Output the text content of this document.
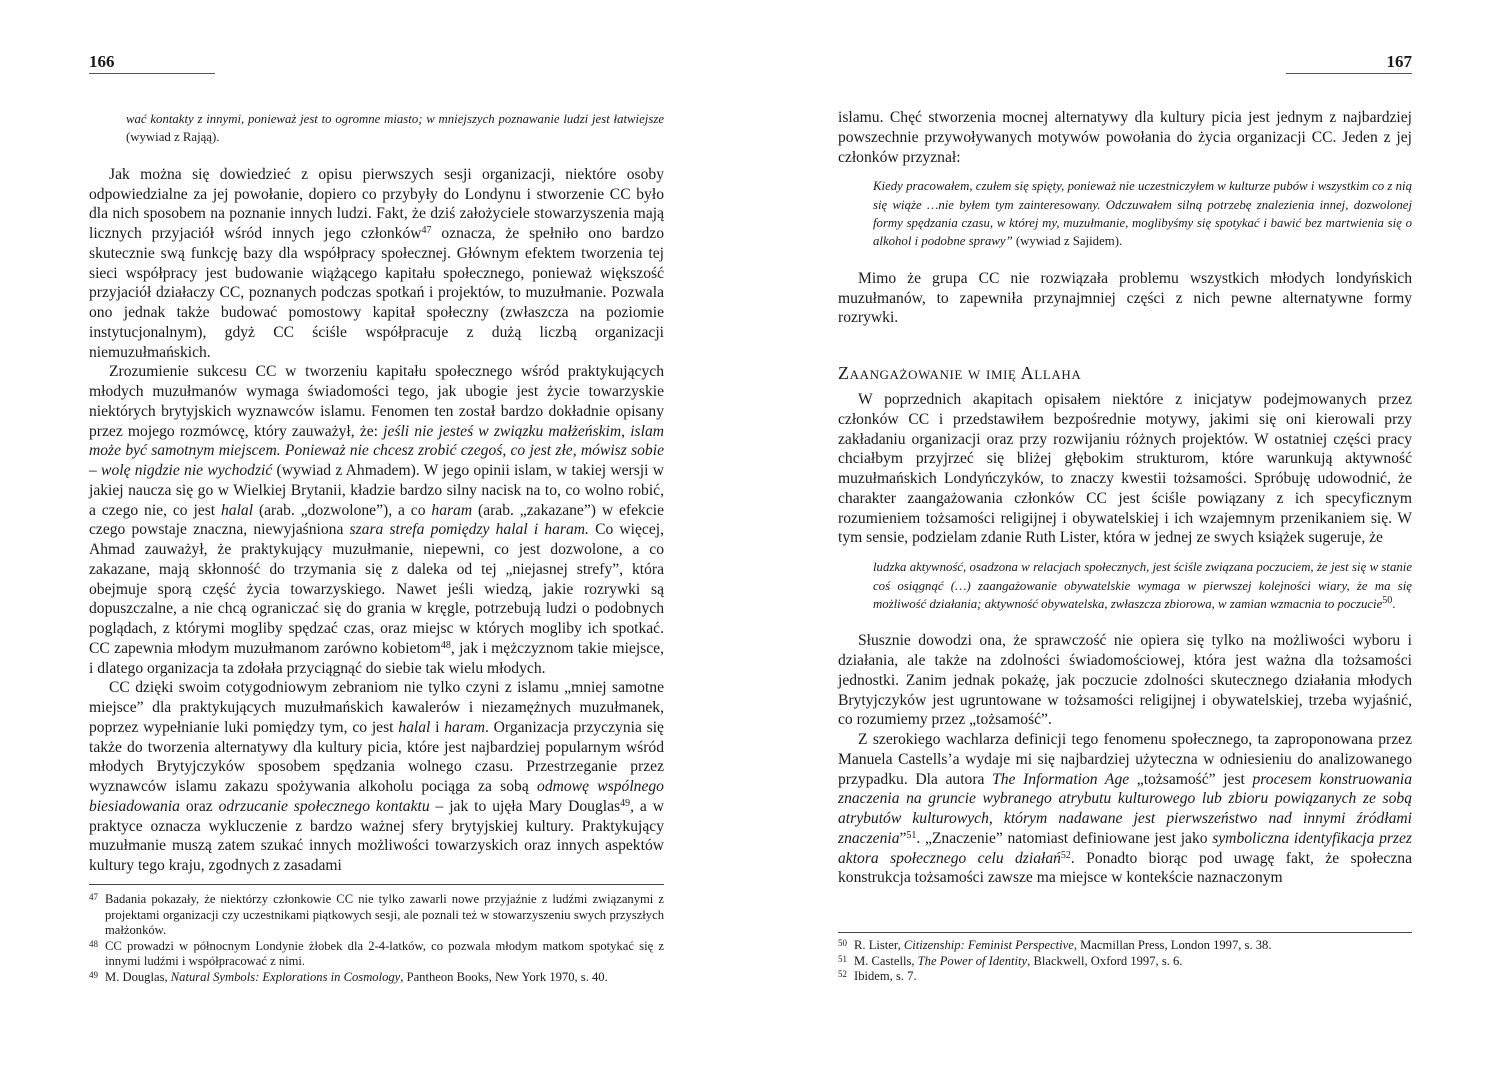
166
wać kontakty z innymi, ponieważ jest to ogromne miasto; w mniejszych poznawanie ludzi jest łatwiejsze (wywiad z Rająą).

Jak można się dowiedzieć z opisu pierwszych sesji organizacji, niektóre osoby odpowiedzialne za jej powołanie, dopiero co przybyły do Londynu i stworzenie CC było dla nich sposobem na poznanie innych ludzi. Fakt, że dziś założyciele stowarzyszenia mają licznych przyjaciół wśród innych jego członków$^{47}$ oznacza, że spełniło ono bardzo skutecznie swą funkcję bazy dla współpracy społecznej. Głównym efektem tworzenia tej sieci współpracy jest budowanie wiążącego kapitału społecznego, ponieważ większość przyjaciół działaczy CC, poznanych podczas spotkań i projektów, to muzułmanie. Pozwala ono jednak także budować pomostowy kapitał społeczny (zwłaszcza na poziomie instytucjonalnym), gdyż CC ściśle współpracuje z dużą liczbą organizacji niemuzułmańskich.

Zrozumienie sukcesu CC w tworzeniu kapitału społecznego wśród praktykujących młodych muzułmanów wymaga świadomości tego, jak ubogie jest życie towarzyskie niektórych brytyjskich wyznawców islamu. Fenomen ten został bardzo dokładnie opisany przez mojego rozmówcę, który zauważył, że: jeśli nie jesteś w związku małżeńskim, islam może być samotnym miejscem. Ponieważ nie chcesz zrobić czegoś, co jest złe, mówisz sobie – wolę nigdzie nie wychodzić (wywiad z Ahmadem). W jego opinii islam, w takiej wersji w jakiej naucza się go w Wielkiej Brytanii, kładzie bardzo silny nacisk na to, co wolno robić, a czego nie, co jest halal (arab. „dozwolone”), a co haram (arab. „zakazane”) w efekcie czego powstaje znaczna, niewyjaśniona szara strefa pomiędzy halal i haram. Co więcej, Ahmad zauważył, że praktykujący muzułmanie, niepewni, co jest dozwolone, a co zakazane, mają skłonność do trzymania się z daleka od tej „niejasnej strefy”, która obejmuje sporą część życia towarzyskiego. Nawet jeśli wiedzą, jakie rozrywki są dopuszczalne, a nie chcą ograniczać się do grania w kręgle, potrzebują ludzi o podobnych poglądach, z którymi mogliby spędzać czas, oraz miejsc w których mogliby ich spotkać. CC zapewnia młodym muzułmanom zarówno kobietom$^{48}$, jak i mężczyznom takie miejsce, i dlatego organizacja ta zdołała przyciągnąć do siebie tak wielu młodych.

CC dzięki swoim cotygodniowym zebraniom nie tylko czyni z islamu „mniej samotne miejsce” dla praktykujących muzułmańskich kawalerów i niezamężnych muzułmanek, poprzez wypełnianie luki pomiędzy tym, co jest halal i haram. Organizacja przyczynia się także do tworzenia alternatywy dla kultury picia, które jest najbardziej popularnym wśród młodych Brytyjczyków sposobem spędzania wolnego czasu. Przestrzeganie przez wyznawców islamu zakazu spożywania alkoholu pociąga za sobą odmowę wspólnego biesiadowania oraz odrzucanie społecznego kontaktu – jak to ujęła Mary Douglas$^{49}$, a w praktyce oznacza wykluczenie z bardzo ważnej sfery brytyjskiej kultury. Praktykujący muzułmanie muszą zatem szukać innych możliwości towarzyskich oraz innych aspektów kultury tego kraju, zgodnych z zasadami

47 Badania pokazały, że niektórzy członkowie CC nie tylko zawarli nowe przyjaźnie z ludźmi związanymi z projektami organizacji czy uczestnikami piątkowych sesji, ale poznali też w stowarzyszeniu swych przyszłych małżonków.
48 CC prowadzi w północnym Londynie żłobek dla 2-4-latków, co pozwala młodym matkom spotykać się z innymi ludźmi i współpracować z nimi.
49 M. Douglas, Natural Symbols: Explorations in Cosmology, Pantheon Books, New York 1970, s. 40.
167

islamu. Chęć stworzenia mocnej alternatywy dla kultury picia jest jednym z najbardziej powszechnie przywoływanych motywów powołania do życia organizacji CC. Jeden z jej członków przyznał:

Kiedy pracowałem, czułem się spięty, ponieważ nie uczestniczyłem w kulturze pubów i wszystkim co z nią się wiąże …nie byłem tym zainteresowany. Odczuwałem silną potrzebę znalezienia innej, dozwolonej formy spędzania czasu, w której my, muzułmanie, moglibyśmy się spotykać i bawić bez martwienia się o alkohol i podobne sprawy” (wywiad z Sajidem).

Mimo że grupa CC nie rozwiązała problemu wszystkich młodych londyńskich muzułmanów, to zapewniła przynajmniej części z nich pewne alternatywne formy rozrywki.

Zaangażowanie w imię Allaha

W poprzednich akapitach opisałem niektóre z inicjatyw podejmowanych przez członków CC i przedstawiłem bezpośrednie motywy, jakimi się oni kierowali przy zakładaniu organizacji oraz przy rozwijaniu różnych projektów. W ostatniej części pracy chciałbym przyjrzeć się bliżej głębokim strukturom, które warunkują aktywność muzułmańskich Londyńczyków, to znaczy kwestii tożsamości. Spróbuję udowodnić, że charakter zaangażowania członków CC jest ściśle powiązany z ich specyficznym rozumieniem tożsamości religijnej i obywatelskiej i ich wzajemnym przenikaniem się. W tym sensie, podzielam zdanie Ruth Lister, która w jednej ze swych książek sugeruje, że

ludzka aktywność, osadzona w relacjach społecznych, jest ściśle związana poczuciem, że jest się w stanie coś osiągnąć (…) zaangażowanie obywatelskie wymaga w pierwszej kolejności wiary, że ma się możliwość działania; aktywność obywatelska, zwłaszcza zbiorowa, w zamian wzmacnia to poczucie$^{50}$.

Słusznie dowodzi ona, że sprawczość nie opiera się tylko na możliwości wyboru i działania, ale także na zdolności świadomościowej, która jest ważna dla tożsamości jednostki. Zanim jednak pokażę, jak poczucie zdolności skutecznego działania młodych Brytyjczyków jest ugruntowane w tożsamości religijnej i obywatelskiej, trzeba wyjaśnić, co rozumiemy przez „tożsamość”.

Z szerokiego wachlarza definicji tego fenomenu społecznego, ta zaproponowana przez Manuela Castells’a wydaje mi się najbardziej użyteczna w odniesieniu do analizowanego przypadku. Dla autora The Information Age „tożsamość” jest procesem konstruowania znaczenia na gruncie wybranego atrybutu kulturowego lub zbioru powiązanych ze sobą atrybutów kulturowych, którym nadawane jest pierwszeństwo nad innymi źródłami znaczenia”$^{51}$. „Znaczenie” natomiast definiowane jest jako symboliczna identyfikacja przez aktora społecznego celu działań$^{52}$. Ponadto biorąc pod uwagę fakt, że społeczna konstrukcja tożsamości zawsze ma miejsce w kontekście naznaczonym

50 R. Lister, Citizenship: Feminist Perspective, Macmillan Press, London 1997, s. 38.
51 M. Castells, The Power of Identity, Blackwell, Oxford 1997, s. 6.
52 Ibidem, s. 7.
